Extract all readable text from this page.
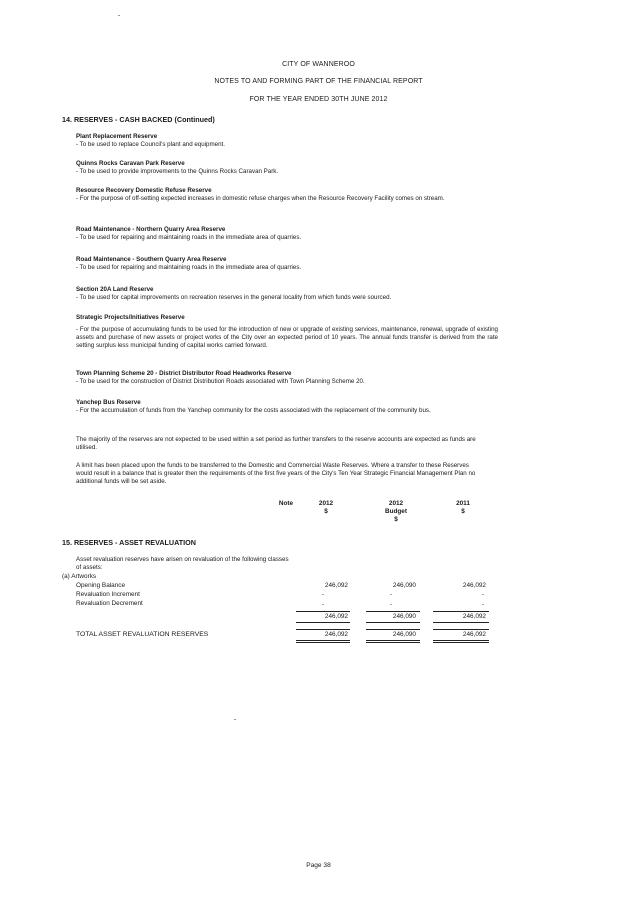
CITY OF WANNEROO
NOTES TO AND FORMING PART OF THE FINANCIAL REPORT
FOR THE YEAR ENDED 30TH JUNE 2012
14. RESERVES - CASH BACKED (Continued)
Plant Replacement Reserve
- To be used to replace Council's plant and equipment.
Quinns Rocks Caravan Park Reserve
- To be used to provide improvements to the Quinns Rocks Caravan Park.
Resource Recovery Domestic Refuse Reserve
- For the purpose of off-setting expected increases in domestic refuse charges when the Resource Recovery Facility comes on stream.
Road Maintenance - Northern Quarry Area Reserve
- To be used for repairing and maintaining roads in the immediate area of quarries.
Road Maintenance - Southern Quarry Area Reserve
- To be used for repairing and maintaining roads in the immediate area of quarries.
Section 20A Land Reserve
- To be used for capital improvements on recreation reserves in the general locality from which funds were sourced.
Strategic Projects/Initiatives Reserve
- For the purpose of accumulating funds to be used for the introduction of new or upgrade of existing services, maintenance, renewal, upgrade of existing assets and purchase of new assets or project works of the City over an expected period of 10 years. The annual funds transfer is derived from the rate setting surplus less municipal funding of capital works carried forward.
Town Planning Scheme 20 - District Distributor Road Headworks Reserve
- To be used for the construction of District Distribution Roads associated with Town Planning Scheme 20.
Yanchep Bus Reserve
- For the accumulation of funds from the Yanchep community for the costs associated with the replacement of the community bus.
The majority of the reserves are not expected to be used within a set period as further transfers to the reserve accounts are expected as funds are utilised.
A limit has been placed upon the funds to be transferred to the Domestic and Commercial Waste Reserves. Where a transfer to these Reserves would result in a balance that is greater then the requirements of the first five years of the City's Ten Year Strategic Financial Management Plan no additional funds will be set aside.
Note	2012
$
2012
Budget
$
2011
$
15. RESERVES - ASSET REVALUATION
Asset revaluation reserves have arisen on revaluation of the following classes of assets:
(a) Artworks
Opening Balance	246,092	246,090	246,092
Revaluation Increment	-	-	-
Revaluation Decrement	-	-	-
246,092	246,090	246,092
TOTAL ASSET REVALUATION RESERVES	246,092	246,090	246,092
Page 38
